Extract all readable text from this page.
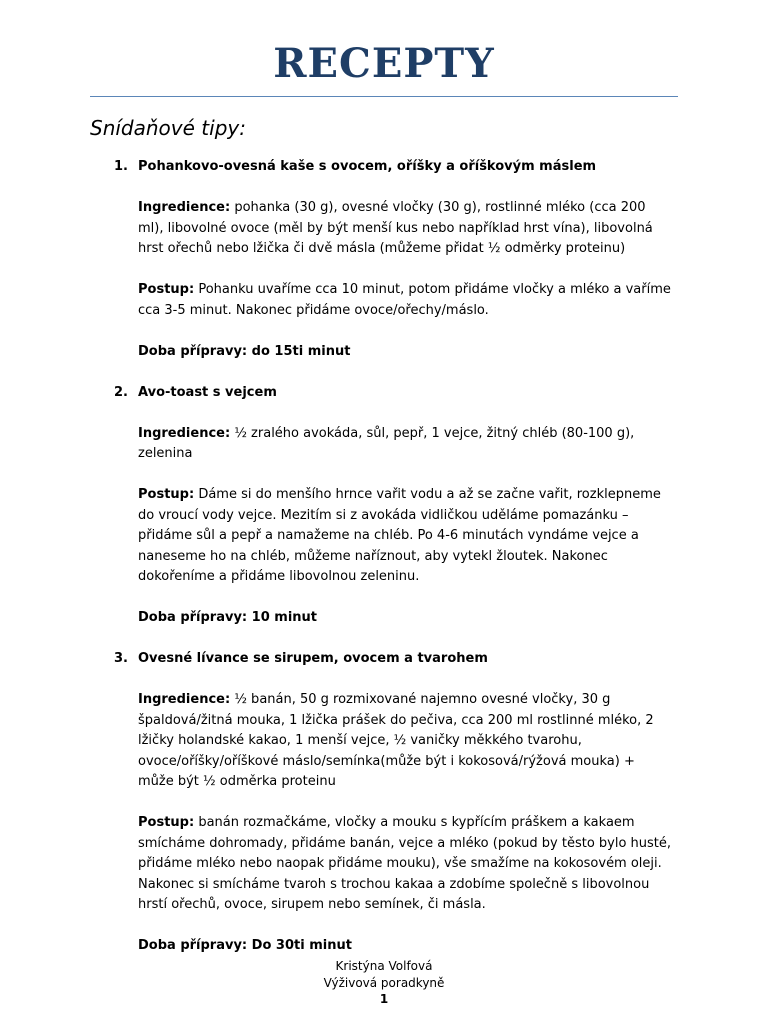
RECEPTY
Snídaňové tipy:
1. Pohankovo-ovesná kaše s ovocem, oříšky a oříškovým máslem
Ingredience: pohanka (30 g), ovesné vločky (30 g), rostlinné mléko (cca 200 ml), libovolné ovoce (měl by být menší kus nebo například hrst vína), libovolná hrst ořechů nebo lžička či dvě másla (můžeme přidat ½ odměrky proteinu)
Postup: Pohanku uvaříme cca 10 minut, potom přidáme vločky a mléko a vaříme cca 3-5 minut. Nakonec přidáme ovoce/ořechy/máslo.
Doba přípravy: do 15ti minut
2. Avo-toast s vejcem
Ingredience: ½ zralého avokáda, sůl, pepř, 1 vejce, žitný chléb (80-100 g), zelenina
Postup: Dáme si do menšího hrnce vařit vodu a až se začne vařit, rozklepneme do vroucí vody vejce. Mezitím si z avokáda vidličkou uděláme pomazánku – přidáme sůl a pepř a namažeme na chléb. Po 4-6 minutách vyndáme vejce a naneseme ho na chléb, můžeme naříznout, aby vytekl žloutek. Nakonec dokořeníme a přidáme libovolnou zeleninu.
Doba přípravy: 10 minut
3. Ovesné lívance se sirupem, ovocem a tvarohem
Ingredience: ½ banán, 50 g rozmixované najemno ovesné vločky, 30 g špaldová/žitná mouka, 1 lžička prášek do pečiva, cca 200 ml rostlinné mléko, 2 lžičky holandské kakao, 1 menší vejce, ½ vaničky měkkého tvarohu, ovoce/oříšky/oříškové máslo/semínka(může být i kokosová/rýžová mouka) + může být ½ odměrka proteinu
Postup: banán rozmačkáme, vločky a mouku s kypřícím práškem a kakaem smícháme dohromady, přidáme banán, vejce a mléko (pokud by těsto bylo husté, přidáme mléko nebo naopak přidáme mouku), vše smažíme na kokosovém oleji. Nakonec si smícháme tvaroh s trochou kakaa a zdobíme společně s libovolnou hrstí ořechů, ovoce, sirupem nebo semínek, či másla.
Doba přípravy: Do 30ti minut
Kristýna Volfová
Výživová poradkyně
1
